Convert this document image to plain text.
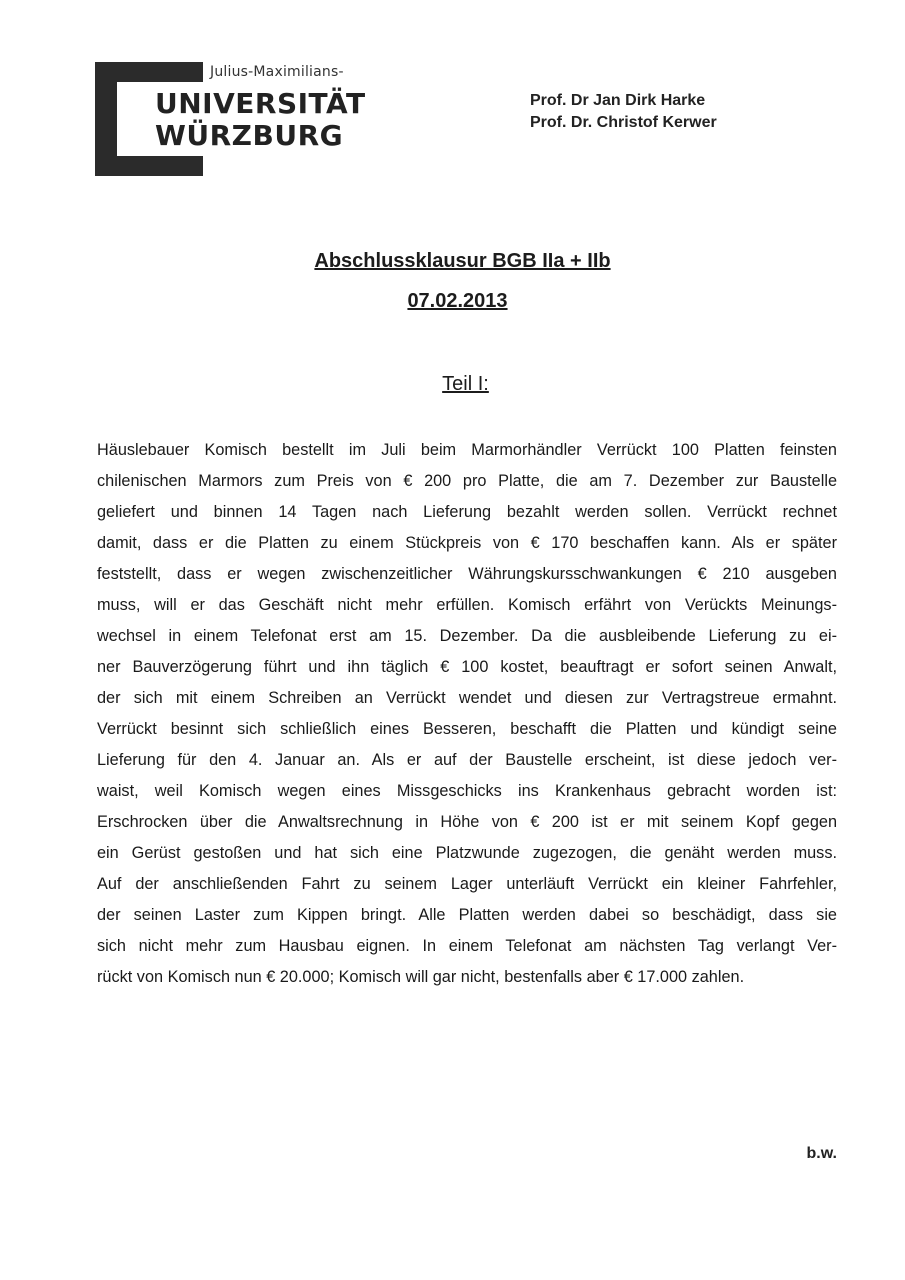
Julius-Maximilians-
UNIVERSITÄT
WÜRZBURG
Prof. Dr Jan Dirk Harke
Prof. Dr. Christof Kerwer
Abschlussklausur BGB IIa + IIb
07.02.2013
Teil I:
Häuslebauer Komisch bestellt im Juli beim Marmorhändler Verrückt 100 Platten feinsten
chilenischen Marmors zum Preis von € 200 pro Platte, die am 7. Dezember zur Baustelle
geliefert und binnen 14 Tagen nach Lieferung bezahlt werden sollen. Verrückt rechnet
damit, dass er die Platten zu einem Stückpreis von € 170 beschaffen kann. Als er später
feststellt, dass er wegen zwischenzeitlicher Währungskursschwankungen € 210 ausgeben
muss, will er das Geschäft nicht mehr erfüllen. Komisch erfährt von Verückts Meinungs-
wechsel in einem Telefonat erst am 15. Dezember. Da die ausbleibende Lieferung zu ei-
ner Bauverzögerung führt und ihn täglich € 100 kostet, beauftragt er sofort seinen Anwalt,
der sich mit einem Schreiben an Verrückt wendet und diesen zur Vertragstreue ermahnt.
Verrückt besinnt sich schließlich eines Besseren, beschafft die Platten und kündigt seine
Lieferung für den 4. Januar an. Als er auf der Baustelle erscheint, ist diese jedoch ver-
waist, weil Komisch wegen eines Missgeschicks ins Krankenhaus gebracht worden ist:
Erschrocken über die Anwaltsrechnung in Höhe von € 200 ist er mit seinem Kopf gegen
ein Gerüst gestoßen und hat sich eine Platzwunde zugezogen, die genäht werden muss.
Auf der anschließenden Fahrt zu seinem Lager unterläuft Verrückt ein kleiner Fahrfehler,
der seinen Laster zum Kippen bringt. Alle Platten werden dabei so beschädigt, dass sie
sich nicht mehr zum Hausbau eignen. In einem Telefonat am nächsten Tag verlangt Ver-
rückt von Komisch nun € 20.000; Komisch will gar nicht, bestenfalls aber € 17.000 zahlen.
b.w.
